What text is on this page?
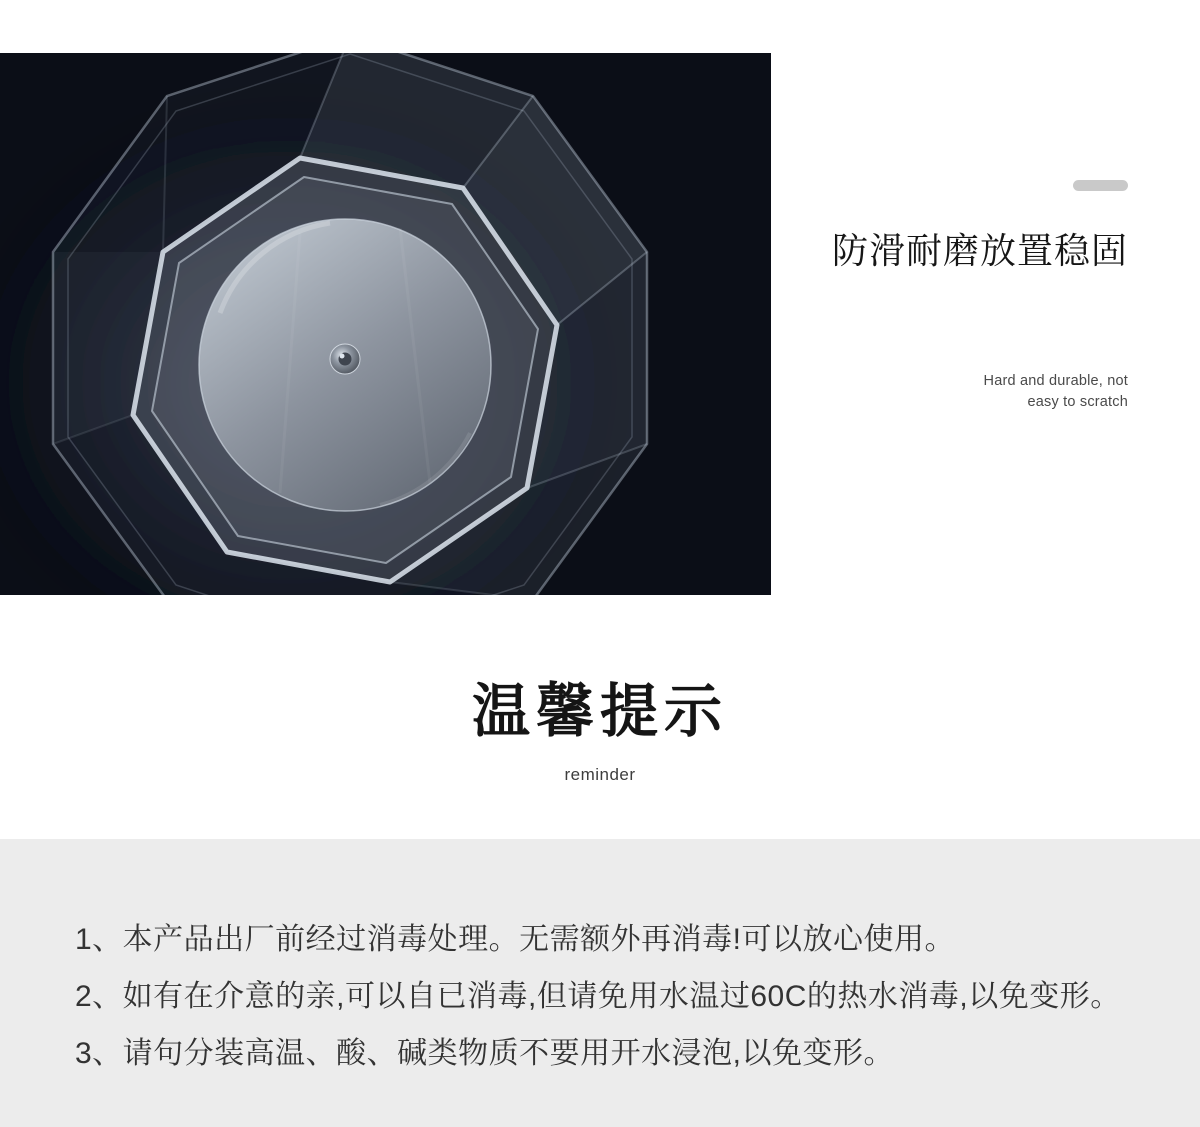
防滑耐磨放置稳固
Hard and durable, not
easy to scratch
温馨提示
reminder
1、本产品出厂前经过消毒处理。无需额外再消毒!可以放心使用。
2、如有在介意的亲,可以自已消毒,但请免用水温过60C的热水消毒,以免变形。
3、请句分装高温、酸、碱类物质不要用开水浸泡,以免变形。
